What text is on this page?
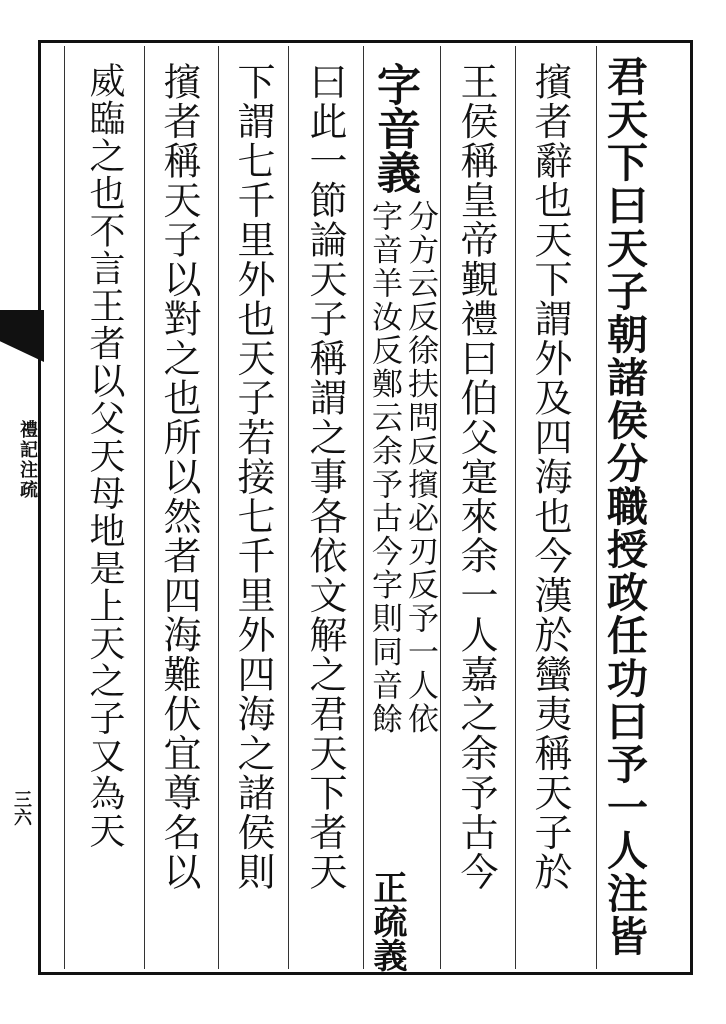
禮記注疏
三六	君天下曰天子朝諸侯分職授政任功曰予一人注皆
擯者辭也天下謂外及四海也今漢於蠻夷稱天子於
王侯稱皇帝覲禮曰伯父寔來余一人嘉之余予古今
字音義
分方云反徐扶問反擯必刃反予一人依
字音羊汝反鄭云余予古今字則同音餘
正疏義
曰此一節論天子稱謂之事各依文解之君天下者天
下謂七千里外也天子若接七千里外四海之諸侯則
擯者稱天子以對之也所以然者四海難伏宜尊名以
威臨之也不言王者以父天母地是上天之子又為天
